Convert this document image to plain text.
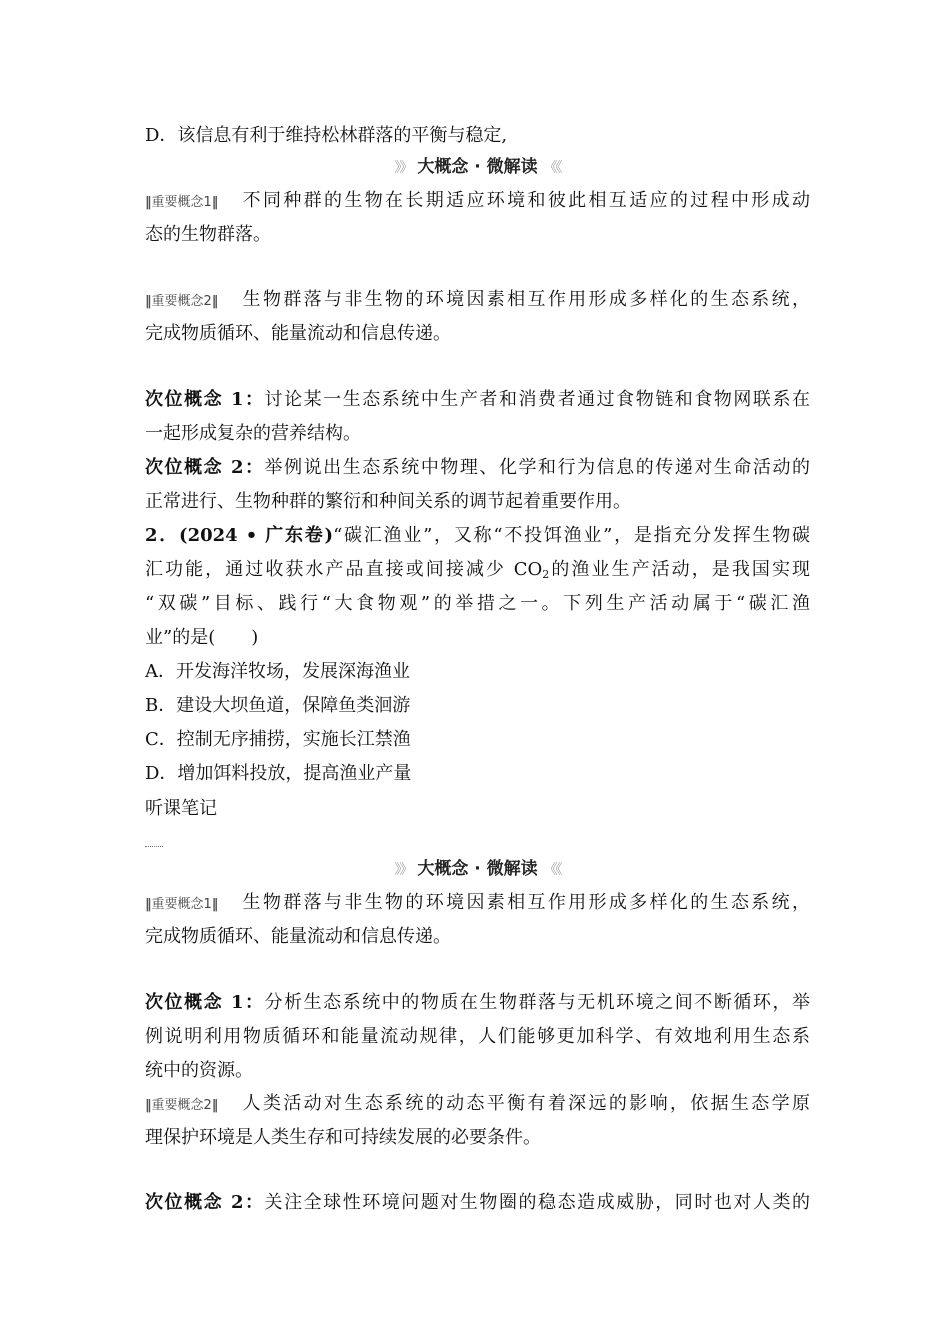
D．该信息有利于维持松林群落的平衡与稳定,
》》 大概念 · 微解读 《《
‖重要概念1‖ 不同种群的生物在长期适应环境和彼此相互适应的过程中形成动
态的生物群落。
‖重要概念2‖ 生物群落与非生物的环境因素相互作用形成多样化的生态系统，
完成物质循环、能量流动和信息传递。
次位概念 1：讨论某一生态系统中生产者和消费者通过食物链和食物网联系在
一起形成复杂的营养结构。
次位概念 2：举例说出生态系统中物理、化学和行为信息的传递对生命活动的
正常进行、生物种群的繁衍和种间关系的调节起着重要作用。
2．(2024 • 广东卷)“碳汇渔业”，又称“不投饵渔业”，是指充分发挥生物碳
汇功能，通过收获水产品直接或间接减少 $CO_2$的渔业生产活动，是我国实现
“双碳”目标、践行“大食物观”的举措之一。下列生产活动属于“碳汇渔
业”的是(　　)
A．开发海洋牧场，发展深海渔业
B．建设大坝鱼道，保障鱼类洄游
C．控制无序捕捞，实施长江禁渔
D．增加饵料投放，提高渔业产量
听课笔记
》》 大概念 · 微解读 《《
‖重要概念1‖ 生物群落与非生物的环境因素相互作用形成多样化的生态系统，
完成物质循环、能量流动和信息传递。
次位概念 1：分析生态系统中的物质在生物群落与无机环境之间不断循环，举
例说明利用物质循环和能量流动规律，人们能够更加科学、有效地利用生态系
统中的资源。
‖重要概念2‖ 人类活动对生态系统的动态平衡有着深远的影响，依据生态学原
理保护环境是人类生存和可持续发展的必要条件。
次位概念 2：关注全球性环境问题对生物圈的稳态造成威胁，同时也对人类的
